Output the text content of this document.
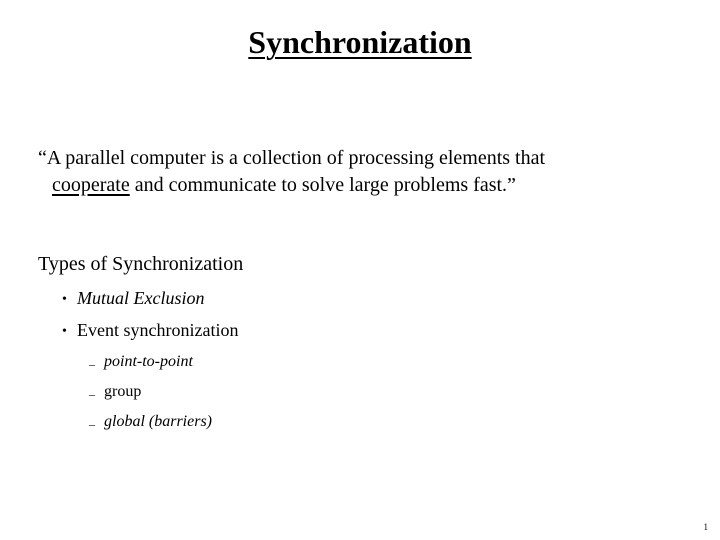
Synchronization
“A parallel computer is a collection of processing elements that
cooperate and communicate to solve large problems fast.”
Types of Synchronization
• Mutual Exclusion
• Event synchronization
– point-to-point
– group
– global (barriers)
1
